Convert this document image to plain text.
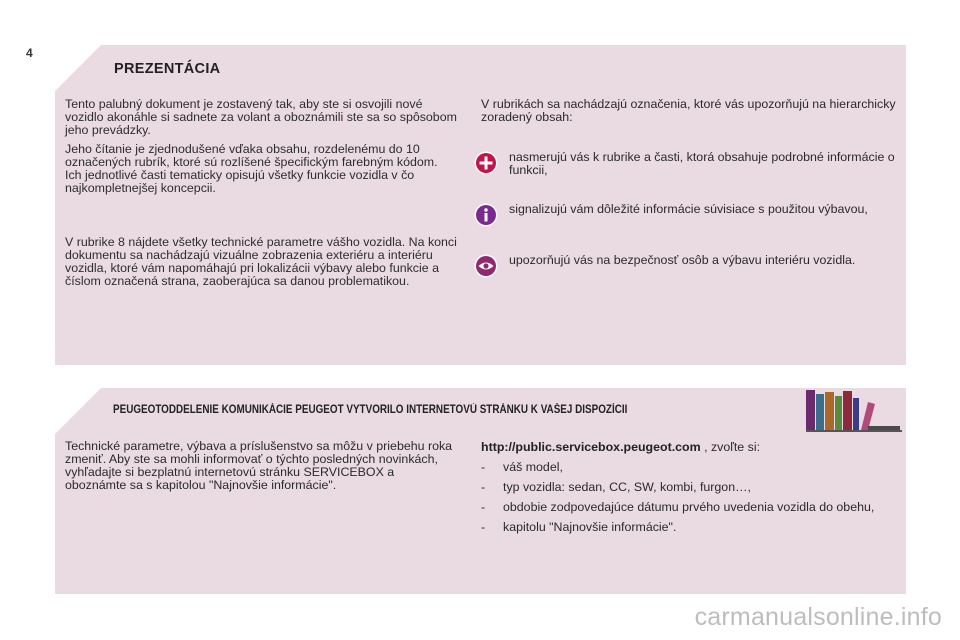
4
PREZENTÁCIA

Tento palubný dokument je zostavený tak, aby ste si osvojili nové vozidlo akonáhle si sadnete za volant a oboznámili ste sa so spôsobom jeho prevádzky.

Jeho čítanie je zjednodušené vďaka obsahu, rozdelenému do 10 označených rubrík, ktoré sú rozlíšené špecifickým farebným kódom. Ich jednotlivé časti tematicky opisujú všetky funkcie vozidla v čo najkompletnejšej koncepcii.

V rubrike 8 nájdete všetky technické parametre vášho vozidla. Na konci dokumentu sa nachádzajú vizuálne zobrazenia exteriéru a interiéru vozidla, ktoré vám napomáhajú pri lokalizácii výbavy alebo funkcie a číslom označená strana, zaoberajúca sa danou problematikou.

V rubrikách sa nachádzajú označenia, ktoré vás upozorňujú na hierarchicky zoradený obsah:

nasmerujú vás k rubrike a časti, ktorá obsahuje podrobné informácie o funkcii,
signalizujú vám dôležité informácie súvisiace s použitou výbavou,
upozorňujú vás na bezpečnosť osôb a výbavu interiéru vozidla.
PEUGEOTODDELENIE KOMUNIKÁCIE PEUGEOT VYTVORILO INTERNETOVÚ STRÁNKU K VAŠEJ DISPOZÍCII

Technické parametre, výbava a príslušenstvo sa môžu v priebehu roka zmeniť. Aby ste sa mohli informovať o týchto posledných novinkách, vyhľadajte si bezplatnú internetovú stránku SERVICEBOX a oboznámte sa s kapitolou "Najnovšie informácie".

http://public.servicebox.peugeot.com , zvoľte si:

- váš model,
- typ vozidla: sedan, CC, SW, kombi, furgon…,
- obdobie zodpovedajúce dátumu prvého uvedenia vozidla do obehu,
- kapitolu "Najnovšie informácie".
carmanualsonline.info
